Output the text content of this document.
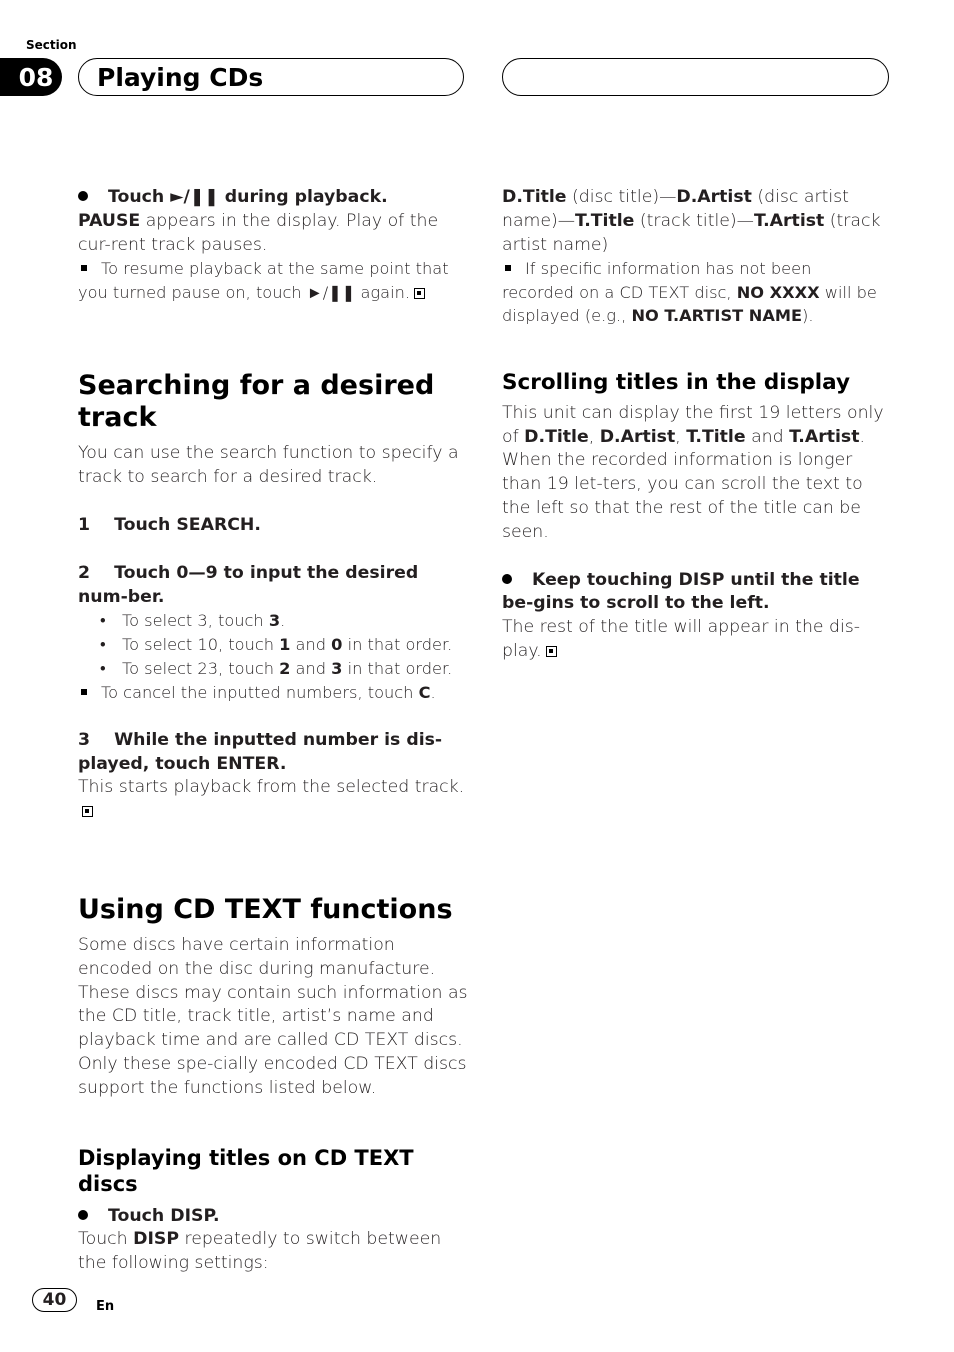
Section
08	Playing CDs

Touch ►/❚❚ during playback.

PAUSE appears in the display. Play of the cur-rent track pauses.

To resume playback at the same point that you turned pause on, touch ►/❚❚ again.

Searching for a desired track

You can use the search function to specify a track to search for a desired track.

1    Touch SEARCH.

2    Touch 0—9 to input the desired num-ber.

• To select 3, touch 3.
• To select 10, touch 1 and 0 in that order.
• To select 23, touch 2 and 3 in that order.

To cancel the inputted numbers, touch C.

3    While the inputted number is dis-played, touch ENTER.

This starts playback from the selected track.

Using CD TEXT functions

Some discs have certain information encoded on the disc during manufacture. These discs may contain such information as the CD title, track title, artist’s name and playback time and are called CD TEXT discs. Only these spe-cially encoded CD TEXT discs support the functions listed below.

Displaying titles on CD TEXT discs

Touch DISP.

Touch DISP repeatedly to switch between the following settings:

D.Title (disc title)—D.Artist (disc artist name)—T.Title (track title)—T.Artist (track artist name)

If specific information has not been recorded on a CD TEXT disc, NO XXXX will be displayed (e.g., NO T.ARTIST NAME).

Scrolling titles in the display

This unit can display the first 19 letters only of D.Title, D.Artist, T.Title and T.Artist. When the recorded information is longer than 19 let-ters, you can scroll the text to the left so that the rest of the title can be seen.

Keep touching DISP until the title be-gins to scroll to the left.

The rest of the title will appear in the dis-play.

40	En
